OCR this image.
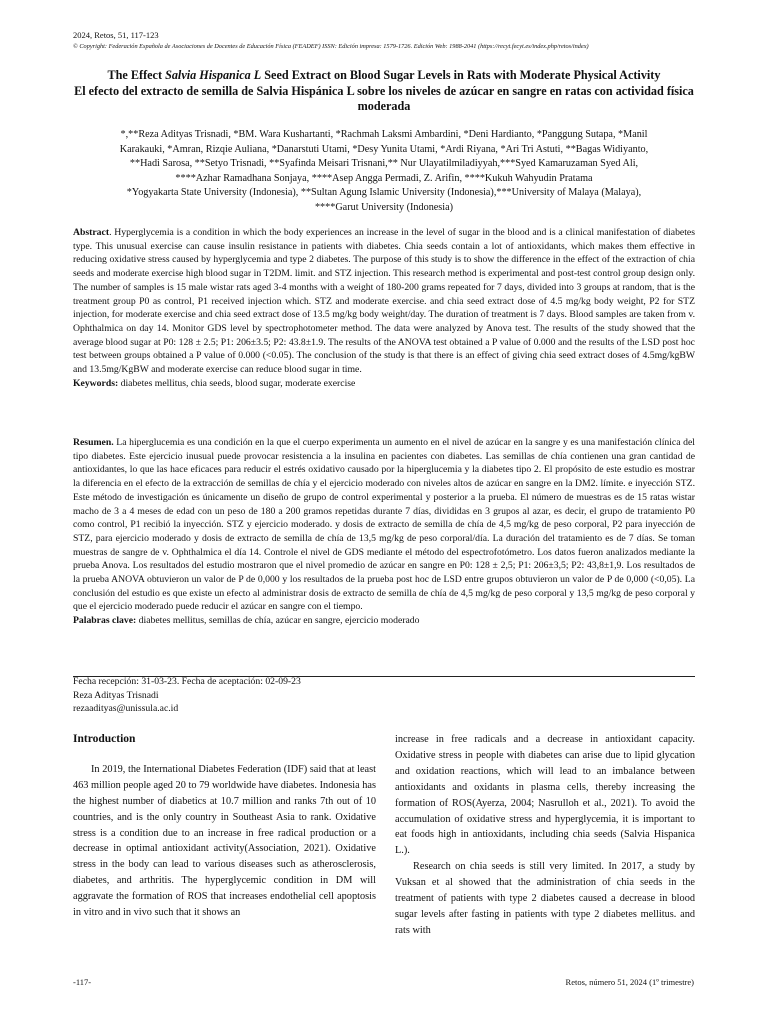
2024, Retos, 51, 117-123
© Copyright: Federación Española de Asociaciones de Docentes de Educación Física (FEADEF) ISSN: Edición impresa: 1579-1726. Edición Web: 1988-2041 (https://recyt.fecyt.es/index.php/retos/index)

The Effect Salvia Hispanica L Seed Extract on Blood Sugar Levels in Rats with Moderate Physical Activity

El efecto del extracto de semilla de Salvia Hispánica L sobre los niveles de azúcar en sangre en ratas con actividad física moderada

*,**Reza Adityas Trisnadi, *BM. Wara Kushartanti, *Rachmah Laksmi Ambardini, *Deni Hardianto, *Panggung Sutapa, *Manil
Karakauki, *Amran, Rizqie Auliana, *Danarstuti Utami, *Desy Yunita Utami, *Ardi Riyana, *Ari Tri Astuti, **Bagas Widiyanto,
**Hadi Sarosa, **Setyo Trisnadi, **Syafinda Meisari Trisnani,** Nur Ulayatilmiladiyyah,***Syed Kamaruzaman Syed Ali,
****Azhar Ramadhana Sonjaya, ****Asep Angga Permadi, Z. Arifin, ****Kukuh Wahyudin Pratama
*Yogyakarta State University (Indonesia), **Sultan Agung Islamic University (Indonesia),***University of Malaya (Malaya),
****Garut University (Indonesia)

Abstract. Hyperglycemia is a condition in which the body experiences an increase in the level of sugar in the blood and is a clinical manifestation of diabetes type. This unusual exercise can cause insulin resistance in patients with diabetes. Chia seeds contain a lot of antioxidants, which makes them effective in reducing oxidative stress caused by hyperglycemia and type 2 diabetes. The purpose of this study is to show the difference in the effect of the extraction of chia seeds and moderate exercise high blood sugar in T2DM. limit. and STZ injection. This research method is experimental and post-test control group design only. The number of samples is 15 male wistar rats aged 3-4 months with a weight of 180-200 grams repeated for 7 days, divided into 3 groups at random, that is the treatment group P0 as control, P1 received injection which. STZ and moderate exercise. and chia seed extract dose of 4.5 mg/kg body weight, P2 for STZ injection, for moderate exercise and chia seed extract dose of 13.5 mg/kg body weight/day. The duration of treatment is 7 days. Blood samples are taken from v. Ophthalmica on day 14. Monitor GDS level by spectrophotometer method. The data were analyzed by Anova test. The results of the study showed that the average blood sugar at P0: 128 ± 2.5; P1: 206±3.5; P2: 43.8±1.9. The results of the ANOVA test obtained a P value of 0.000 and the results of the LSD post hoc test between groups obtained a P value of 0.000 (<0.05). The conclusion of the study is that there is an effect of giving chia seed extract doses of 4.5mg/kgBW and 13.5mg/KgBW and moderate exercise can reduce blood sugar in time.

Keywords: diabetes mellitus, chia seeds, blood sugar, moderate exercise

Resumen. La hiperglucemia es una condición en la que el cuerpo experimenta un aumento en el nivel de azúcar en la sangre y es una manifestación clínica del tipo diabetes. Este ejercicio inusual puede provocar resistencia a la insulina en pacientes con diabetes. Las semillas de chía contienen una gran cantidad de antioxidantes, lo que las hace eficaces para reducir el estrés oxidativo causado por la hiperglucemia y la diabetes tipo 2. El propósito de este estudio es mostrar la diferencia en el efecto de la extracción de semillas de chía y el ejercicio moderado con niveles altos de azúcar en sangre en la DM2. límite. e inyección STZ. Este método de investigación es únicamente un diseño de grupo de control experimental y posterior a la prueba. El número de muestras es de 15 ratas wistar macho de 3 a 4 meses de edad con un peso de 180 a 200 gramos repetidas durante 7 días, divididas en 3 grupos al azar, es decir, el grupo de tratamiento P0 como control, P1 recibió la inyección. STZ y ejercicio moderado. y dosis de extracto de semilla de chía de 4,5 mg/kg de peso corporal, P2 para inyección de STZ, para ejercicio moderado y dosis de extracto de semilla de chía de 13,5 mg/kg de peso corporal/día. La duración del tratamiento es de 7 días. Se toman muestras de sangre de v. Ophthalmica el día 14. Controle el nivel de GDS mediante el método del espectrofotómetro. Los datos fueron analizados mediante la prueba Anova. Los resultados del estudio mostraron que el nivel promedio de azúcar en sangre en P0: 128 ± 2,5; P1: 206±3,5; P2: 43,8±1,9. Los resultados de la prueba ANOVA obtuvieron un valor de P de 0,000 y los resultados de la prueba post hoc de LSD entre grupos obtuvieron un valor de P de 0,000 (<0,05). La conclusión del estudio es que existe un efecto al administrar dosis de extracto de semilla de chía de 4,5 mg/kg de peso corporal y 13,5 mg/kg de peso corporal y que el ejercicio moderado puede reducir el azúcar en sangre con el tiempo.

Palabras clave: diabetes mellitus, semillas de chía, azúcar en sangre, ejercicio moderado

Fecha recepción: 31-03-23. Fecha de aceptación: 02-09-23
Reza Adityas Trisnadi
rezaadityas@unissula.ac.id

Introduction

In 2019, the International Diabetes Federation (IDF) said that at least 463 million people aged 20 to 79 worldwide have diabetes. Indonesia has the highest number of diabetics at 10.7 million and ranks 7th out of 10 countries, and is the only country in Southeast Asia to rank. Oxidative stress is a condition due to an increase in free radical production or a decrease in optimal antioxidant activity(Association, 2021). Oxidative stress in the body can lead to various diseases such as atherosclerosis, diabetes, and arthritis. The hyperglycemic condition in DM will aggravate the formation of ROS that increases endothelial cell apoptosis in vitro and in vivo such that it shows an

increase in free radicals and a decrease in antioxidant capacity. Oxidative stress in people with diabetes can arise due to lipid glycation and oxidation reactions, which will lead to an imbalance between antioxidants and oxidants in plasma cells, thereby increasing the formation of ROS(Ayerza, 2004; Nasrulloh et al., 2021). To avoid the accumulation of oxidative stress and hyperglycemia, it is important to eat foods high in antioxidants, including chia seeds (Salvia Hispanica L.).

Research on chia seeds is still very limited. In 2017, a study by Vuksan et al showed that the administration of chia seeds in the treatment of patients with type 2 diabetes caused a decrease in blood sugar levels after fasting in patients with type 2 diabetes mellitus. and rats with

-117-	Retos, número 51, 2024 (1º trimestre)
